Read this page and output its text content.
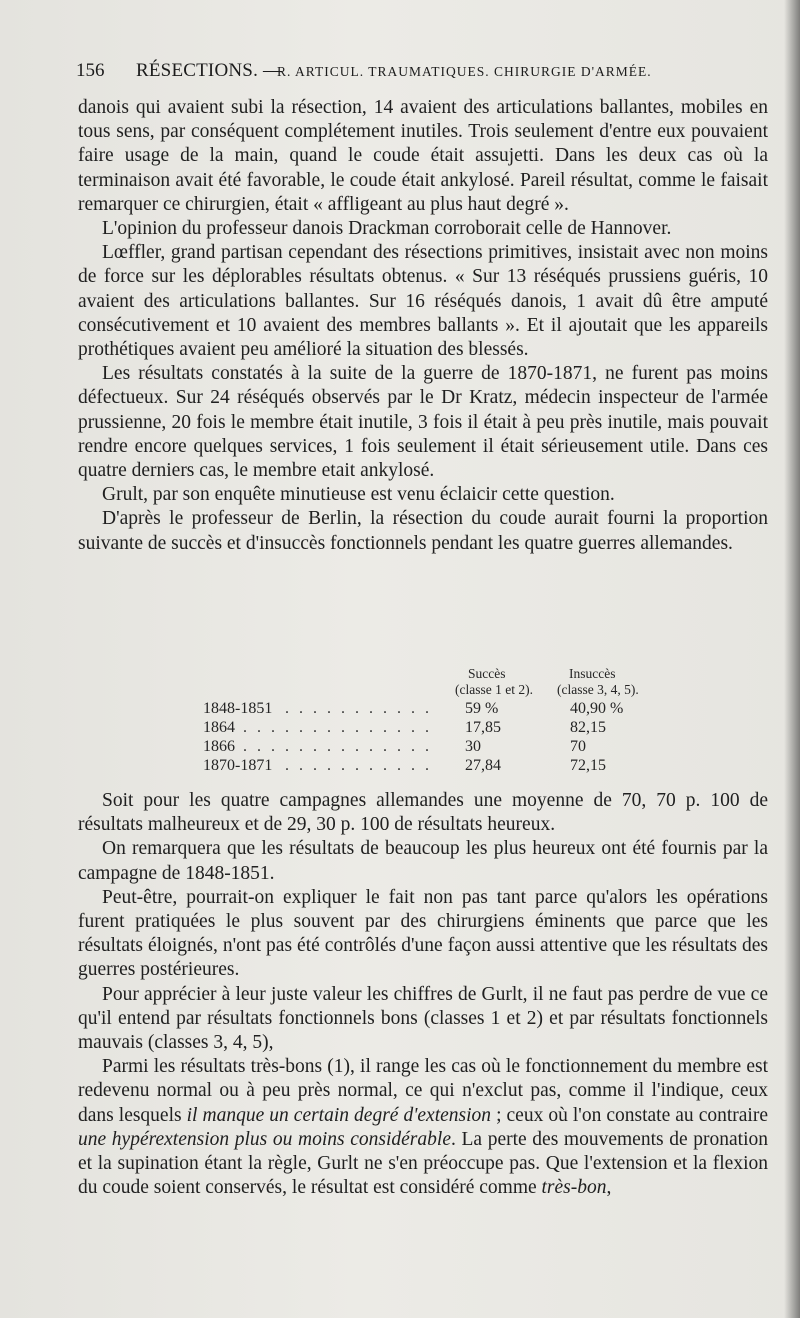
156 RÉSECTIONS. —
R. ARTICUL. TRAUMATIQUES. CHIRURGIE D'ARMÉE.

danois qui avaient subi la résection, 14 avaient des articulations ballantes, mobiles en tous sens, par conséquent complétement inutiles. Trois seulement d'entre eux pouvaient faire usage de la main, quand le coude était assujetti. Dans les deux cas où la terminaison avait été favorable, le coude était ankylosé. Pareil résultat, comme le faisait remarquer ce chirurgien, était « affligeant au plus haut degré ».

L'opinion du professeur danois Drackman corroborait celle de Hannover.

Lœffler, grand partisan cependant des résections primitives, insistait avec non moins de force sur les déplorables résultats obtenus. « Sur 13 réséqués prussiens guéris, 10 avaient des articulations ballantes. Sur 16 réséqués danois, 1 avait dû être amputé consécutivement et 10 avaient des membres ballants ». Et il ajoutait que les appareils prothétiques avaient peu amélioré la situation des blessés.

Les résultats constatés à la suite de la guerre de 1870-1871, ne furent pas moins défectueux. Sur 24 réséqués observés par le Dr Kratz, médecin inspecteur de l'armée prussienne, 20 fois le membre était inutile, 3 fois il était à peu près inutile, mais pouvait rendre encore quelques services, 1 fois seulement il était sérieusement utile. Dans ces quatre derniers cas, le membre etait ankylosé.

Grult, par son enquête minutieuse est venu éclaicir cette question.

D'après le professeur de Berlin, la résection du coude aurait fourni la proportion suivante de succès et d'insuccès fonctionnels pendant les quatre guerres allemandes.

Succès	Insuccès
(classe 1 et 2). (classe 3, 4, 5).
1848-1851 . . . . . . . . . . . 59 %	40,90 %
1864 . . . . . . . . . . . . . . 17,85	82,15
1866 . . . . . . . . . . . . . . 30	70
1870-1871 . . . . . . . . . . . 27,84	72,15

Soit pour les quatre campagnes allemandes une moyenne de 70, 70 p. 100 de résultats malheureux et de 29, 30 p. 100 de résultats heureux.

On remarquera que les résultats de beaucoup les plus heureux ont été fournis par la campagne de 1848-1851.

Peut-être, pourrait-on expliquer le fait non pas tant parce qu'alors les opérations furent pratiquées le plus souvent par des chirurgiens éminents que parce que les résultats éloignés, n'ont pas été contrôlés d'une façon aussi attentive que les résultats des guerres postérieures.

Pour apprécier à leur juste valeur les chiffres de Gurlt, il ne faut pas perdre de vue ce qu'il entend par résultats fonctionnels bons (classes 1 et 2) et par résultats fonctionnels mauvais (classes 3, 4, 5),

Parmi les résultats très-bons (1), il range les cas où le fonctionnement du membre est redevenu normal ou à peu près normal, ce qui n'exclut pas, comme il l'indique, ceux dans lesquels il manque un certain degré d'extension ; ceux où l'on constate au contraire une hypérextension plus ou moins considérable. La perte des mouvements de pronation et la supination étant la règle, Gurlt ne s'en préoccupe pas. Que l'extension et la flexion du coude soient conservés, le résultat est considéré comme très-bon,
